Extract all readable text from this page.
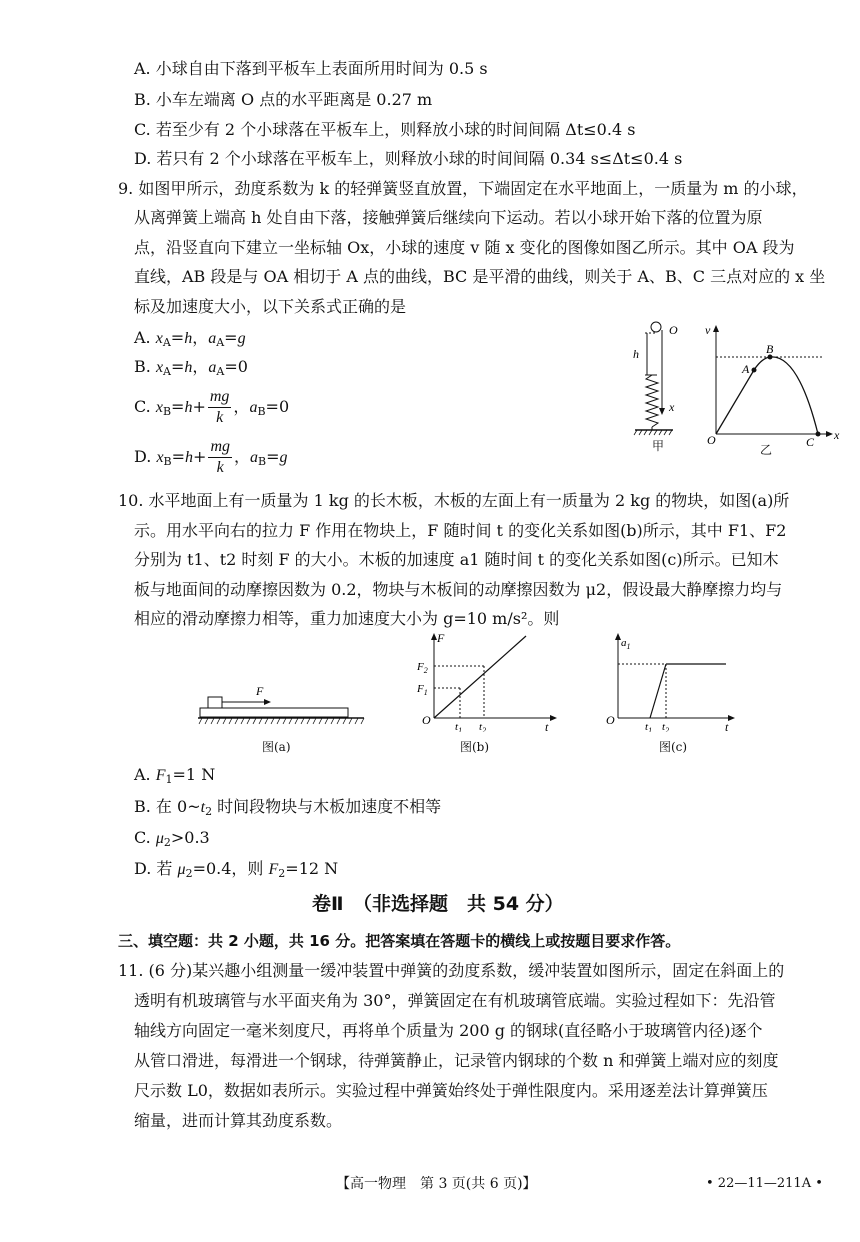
A. 小球自由下落到平板车上表面所用时间为 0.5 s
B. 小车左端离 O 点的水平距离是 0.27 m
C. 若至少有 2 个小球落在平板车上，则释放小球的时间间隔 Δt≤0.4 s
D. 若只有 2 个小球落在平板车上，则释放小球的时间间隔 0.34 s≤Δt≤0.4 s
9. 如图甲所示，劲度系数为 k 的轻弹簧竖直放置，下端固定在水平地面上，一质量为 m 的小球，
从离弹簧上端高 h 处自由下落，接触弹簧后继续向下运动。若以小球开始下落的位置为原
点，沿竖直向下建立一坐标轴 Ox，小球的速度 v 随 x 变化的图像如图乙所示。其中 OA 段为
直线，AB 段是与 OA 相切于 A 点的曲线，BC 是平滑的曲线，则关于 A、B、C 三点对应的 x 坐
标及加速度大小，以下关系式正确的是
A. $x_A=h$，$a_A=g$
B. $x_A=h$，$a_A=0$
C. $x_B=h+ \frac{mg}{k}$ ，$a_B=0$
D. $x_B=h+ \frac{mg}{k}$ ，$a_B=g$
O
x
h
甲
v
O	x
A
B
C
乙
10. 水平地面上有一质量为 1 kg 的长木板，木板的左面上有一质量为 2 kg 的物块，如图(a)所
示。用水平向右的拉力 F 作用在物块上，F 随时间 t 的变化关系如图(b)所示，其中 F1、F2
分别为 t1、t2 时刻 F 的大小。木板的加速度 a1 随时间 t 的变化关系如图(c)所示。已知木
板与地面间的动摩擦因数为 0.2，物块与木板间的动摩擦因数为 μ2，假设最大静摩擦力均与
相应的滑动摩擦力相等，重力加速度大小为 g=10 m/s²。则
F
图(a)
F
O	t
$F_2$
$F_1$
$t_1$ $t_2$
图(b)
$a_1$
O	t
$t_1$ $t_2$
图(c)
A. $F_1=1$ N
B. 在 $0\sim t_2$ 时间段物块与木板加速度不相等
C. $\mu_2>0.3$
D. 若 $\mu_2=0.4$，则 $F_2=12$ N
卷Ⅱ　（非选择题　共 54 分）
三、填空题：共 2 小题，共 16 分。把答案填在答题卡的横线上或按题目要求作答。
11. (6 分)某兴趣小组测量一缓冲装置中弹簧的劲度系数，缓冲装置如图所示，固定在斜面上的
透明有机玻璃管与水平面夹角为 30°，弹簧固定在有机玻璃管底端。实验过程如下：先沿管
轴线方向固定一毫米刻度尺，再将单个质量为 200 g 的钢球(直径略小于玻璃管内径)逐个
从管口滑进，每滑进一个钢球，待弹簧静止，记录管内钢球的个数 n 和弹簧上端对应的刻度
尺示数 L0，数据如表所示。实验过程中弹簧始终处于弹性限度内。采用逐差法计算弹簧压
缩量，进而计算其劲度系数。
【高一物理　第 3 页(共 6 页)】	• 22—11—211A •
